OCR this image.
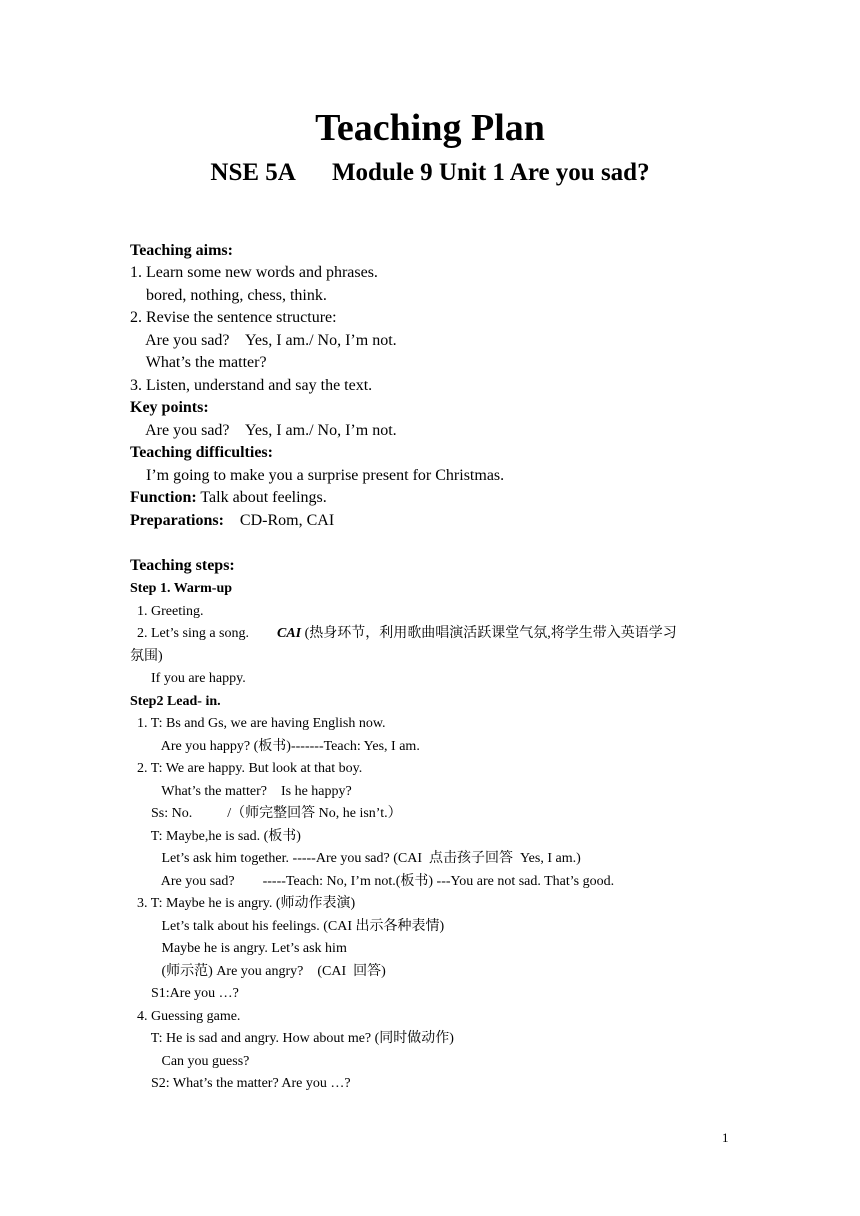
Teaching Plan
NSE 5A      Module 9 Unit 1 Are you sad?
Teaching aims:
1. Learn some new words and phrases.
bored, nothing, chess, think.
2. Revise the sentence structure:
Are you sad?    Yes, I am./ No, I’m not.
What’s the matter?
3. Listen, understand and say the text.
Key points:
Are you sad?    Yes, I am./ No, I’m not.
Teaching difficulties:
I’m going to make you a surprise present for Christmas.
Function: Talk about feelings.
Preparations:    CD-Rom, CAI
Teaching steps:
Step 1. Warm-up
1. Greeting.
2. Let’s sing a song.        CAI (热身环节，利用歌曲唱演活跃课堂气氛,将学生带入英语学习
氛围)
If you are happy.
Step2 Lead- in.
1. T: Bs and Gs, we are having English now.
Are you happy? (板书)-------Teach: Yes, I am.
2. T: We are happy. But look at that boy.
What’s the matter?    Is he happy?
Ss: No.          /（师完整回答 No, he isn’t.）
T: Maybe,he is sad. (板书)
Let’s ask him together. -----Are you sad? (CAI  点击孩子回答  Yes, I am.)
Are you sad?        -----Teach: No, I’m not.(板书) ---You are not sad. That’s good.
3. T: Maybe he is angry. (师动作表演)
Let’s talk about his feelings. (CAI 出示各种表情)
Maybe he is angry. Let’s ask him
(师示范) Are you angry?    (CAI  回答)
S1:Are you …?
4. Guessing game.
T: He is sad and angry. How about me? (同时做动作)
Can you guess?
S2: What’s the matter? Are you …?
1
